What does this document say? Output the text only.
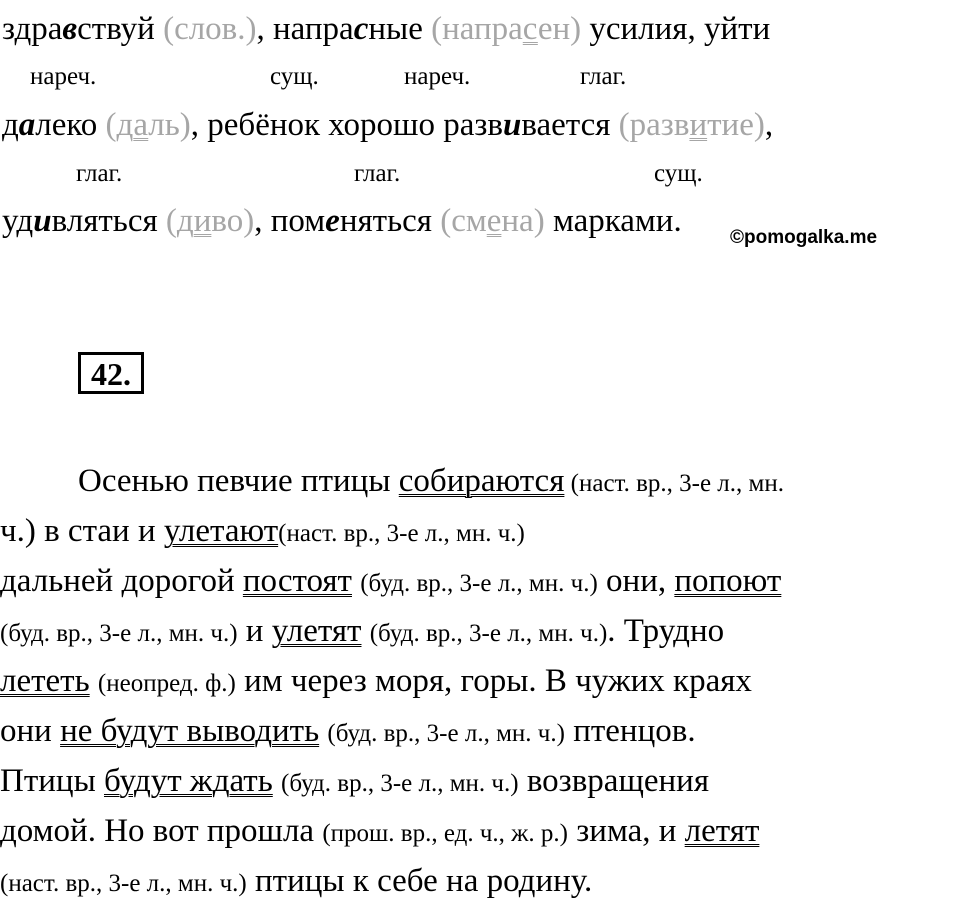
здравствуй (слов.), напрасные (напрасен) усилия, уйти
нареч.	сущ.	нареч.	глаг.
далеко (даль), ребёнок хорошо развивается (развитие),
глаг.	глаг.	сущ.
удивляться (диво), поменяться (смена) марками.	©pomogalka.me
42.
Осенью певчие птицы собираются (наст. вр., 3-е л., мн.
ч.) в стаи и улетают(наст. вр., 3-е л., мн. ч.)
дальней дорогой постоят (буд. вр., 3-е л., мн. ч.) они, попоют
(буд. вр., 3-е л., мн. ч.) и улетят (буд. вр., 3-е л., мн. ч.). Трудно
лететь (неопред. ф.) им через моря, горы. В чужих краях
они не будут выводить (буд. вр., 3-е л., мн. ч.) птенцов.
Птицы будут ждать (буд. вр., 3-е л., мн. ч.) возвращения
домой. Но вот прошла (прош. вр., ед. ч., ж. р.) зима, и летят
(наст. вр., 3-е л., мн. ч.) птицы к себе на родину.
